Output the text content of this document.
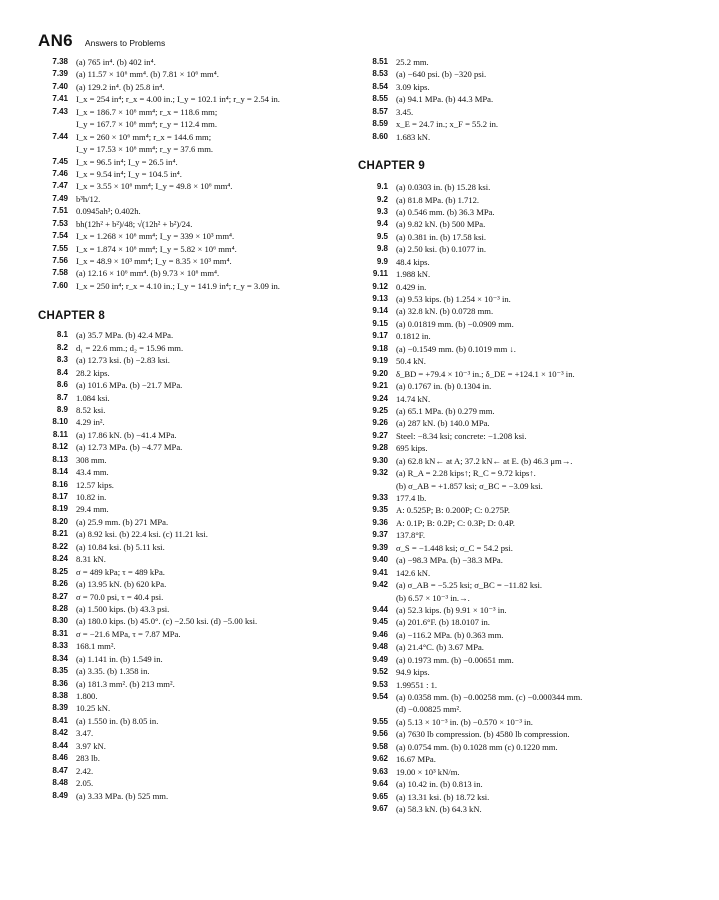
AN6 Answers to Problems
7.38 (a) 765 in⁴. (b) 402 in⁴.
7.39 (a) 11.57 × 10⁶ mm⁴. (b) 7.81 × 10⁶ mm⁴.
7.40 (a) 129.2 in⁴. (b) 25.8 in⁴.
7.41 I_x = 254 in⁴; r_x = 4.00 in.; I_y = 102.1 in⁴; r_y = 2.54 in.
7.43 I_x = 186.7 × 10⁶ mm⁴; r_x = 118.6 mm;
I_y = 167.7 × 10⁶ mm⁴; r_y = 112.4 mm.
7.44 I_x = 260 × 10⁶ mm⁴; r_x = 144.6 mm;
I_y = 17.53 × 10⁶ mm⁴; r_y = 37.6 mm.
7.45 I_x = 96.5 in⁴; I_y = 26.5 in⁴.
7.46 I_x = 9.54 in⁴; I_y = 104.5 in⁴.
7.47 I_x = 3.55 × 10⁶ mm⁴; I_y = 49.8 × 10⁶ mm⁴.
7.49 b³h/12.
7.51 0.0945ah³; 0.402h.
7.53 bh(12h² + b²)/48; √(12h² + b²)/24.
7.54 I_x = 1.268 × 10⁶ mm⁴; I_y = 339 × 10³ mm⁴.
7.55 I_x = 1.874 × 10⁶ mm⁴; I_y = 5.82 × 10⁶ mm⁴.
7.56 I_x = 48.9 × 10³ mm⁴; I_y = 8.35 × 10³ mm⁴.
7.58 (a) 12.16 × 10⁶ mm⁴. (b) 9.73 × 10⁶ mm⁴.
7.60 I_x = 250 in⁴; r_x = 4.10 in.; I_y = 141.9 in⁴; r_y = 3.09 in.
CHAPTER 8
8.1 (a) 35.7 MPa. (b) 42.4 MPa.
8.2 d₁ = 22.6 mm.; d₂ = 15.96 mm.
8.3 (a) 12.73 ksi. (b) −2.83 ksi.
8.4 28.2 kips.
8.6 (a) 101.6 MPa. (b) −21.7 MPa.
8.7 1.084 ksi.
8.9 8.52 ksi.
8.10 4.29 in².
8.11 (a) 17.86 kN. (b) −41.4 MPa.
8.12 (a) 12.73 MPa. (b) −4.77 MPa.
8.13 308 mm.
8.14 43.4 mm.
8.16 12.57 kips.
8.17 10.82 in.
8.19 29.4 mm.
8.20 (a) 25.9 mm. (b) 271 MPa.
8.21 (a) 8.92 ksi. (b) 22.4 ksi. (c) 11.21 ksi.
8.22 (a) 10.84 ksi. (b) 5.11 ksi.
8.24 8.31 kN.
8.25 σ = 489 kPa; τ = 489 kPa.
8.26 (a) 13.95 kN. (b) 620 kPa.
8.27 σ = 70.0 psi, τ = 40.4 psi.
8.28 (a) 1.500 kips. (b) 43.3 psi.
8.30 (a) 180.0 kips. (b) 45.0°. (c) −2.50 ksi. (d) −5.00 ksi.
8.31 σ = −21.6 MPa, τ = 7.87 MPa.
8.33 168.1 mm².
8.34 (a) 1.141 in. (b) 1.549 in.
8.35 (a) 3.35. (b) 1.358 in.
8.36 (a) 181.3 mm². (b) 213 mm².
8.38 1.800.
8.39 10.25 kN.
8.41 (a) 1.550 in. (b) 8.05 in.
8.42 3.47.
8.44 3.97 kN.
8.46 283 lb.
8.47 2.42.
8.48 2.05.
8.49 (a) 3.33 MPa. (b) 525 mm.
8.51 25.2 mm.
8.53 (a) −640 psi. (b) −320 psi.
8.54 3.09 kips.
8.55 (a) 94.1 MPa. (b) 44.3 MPa.
8.57 3.45.
8.59 x_E = 24.7 in.; x_F = 55.2 in.
8.60 1.683 kN.
CHAPTER 9
9.1 (a) 0.0303 in. (b) 15.28 ksi.
9.2 (a) 81.8 MPa. (b) 1.712.
9.3 (a) 0.546 mm. (b) 36.3 MPa.
9.4 (a) 9.82 kN. (b) 500 MPa.
9.5 (a) 0.381 in. (b) 17.58 ksi.
9.8 (a) 2.50 ksi. (b) 0.1077 in.
9.9 48.4 kips.
9.11 1.988 kN.
9.12 0.429 in.
9.13 (a) 9.53 kips. (b) 1.254 × 10⁻³ in.
9.14 (a) 32.8 kN. (b) 0.0728 mm.
9.15 (a) 0.01819 mm. (b) −0.0909 mm.
9.17 0.1812 in.
9.18 (a) −0.1549 mm. (b) 0.1019 mm ↓.
9.19 50.4 kN.
9.20 δ_BD = +79.4 × 10⁻³ in.; δ_DE = +124.1 × 10⁻³ in.
9.21 (a) 0.1767 in. (b) 0.1304 in.
9.24 14.74 kN.
9.25 (a) 65.1 MPa. (b) 0.279 mm.
9.26 (a) 287 kN. (b) 140.0 MPa.
9.27 Steel: −8.34 ksi; concrete: −1.208 ksi.
9.28 695 kips.
9.30 (a) 62.8 kN← at A; 37.2 kN← at E. (b) 46.3 μm→.
9.32 (a) R_A = 2.28 kips↑; R_C = 9.72 kips↑.
(b) σ_AB = +1.857 ksi; σ_BC = −3.09 ksi.
9.33 177.4 lb.
9.35 A: 0.525P; B: 0.200P; C: 0.275P.
9.36 A: 0.1P; B: 0.2P; C: 0.3P; D: 0.4P.
9.37 137.8°F.
9.39 σ_S = −1.448 ksi; σ_C = 54.2 psi.
9.40 (a) −98.3 MPa. (b) −38.3 MPa.
9.41 142.6 kN.
9.42 (a) σ_AB = −5.25 ksi; σ_BC = −11.82 ksi.
(b) 6.57 × 10⁻³ in.→.
9.44 (a) 52.3 kips. (b) 9.91 × 10⁻³ in.
9.45 (a) 201.6°F. (b) 18.0107 in.
9.46 (a) −116.2 MPa. (b) 0.363 mm.
9.48 (a) 21.4°C. (b) 3.67 MPa.
9.49 (a) 0.1973 mm. (b) −0.00651 mm.
9.52 94.9 kips.
9.53 1.99551 : 1.
9.54 (a) 0.0358 mm. (b) −0.00258 mm. (c) −0.000344 mm.
(d) −0.00825 mm².
9.55 (a) 5.13 × 10⁻³ in. (b) −0.570 × 10⁻³ in.
9.56 (a) 7630 lb compression. (b) 4580 lb compression.
9.58 (a) 0.0754 mm. (b) 0.1028 mm (c) 0.1220 mm.
9.62 16.67 MPa.
9.63 19.00 × 10³ kN/m.
9.64 (a) 10.42 in. (b) 0.813 in.
9.65 (a) 13.31 ksi. (b) 18.72 ksi.
9.67 (a) 58.3 kN. (b) 64.3 kN.
